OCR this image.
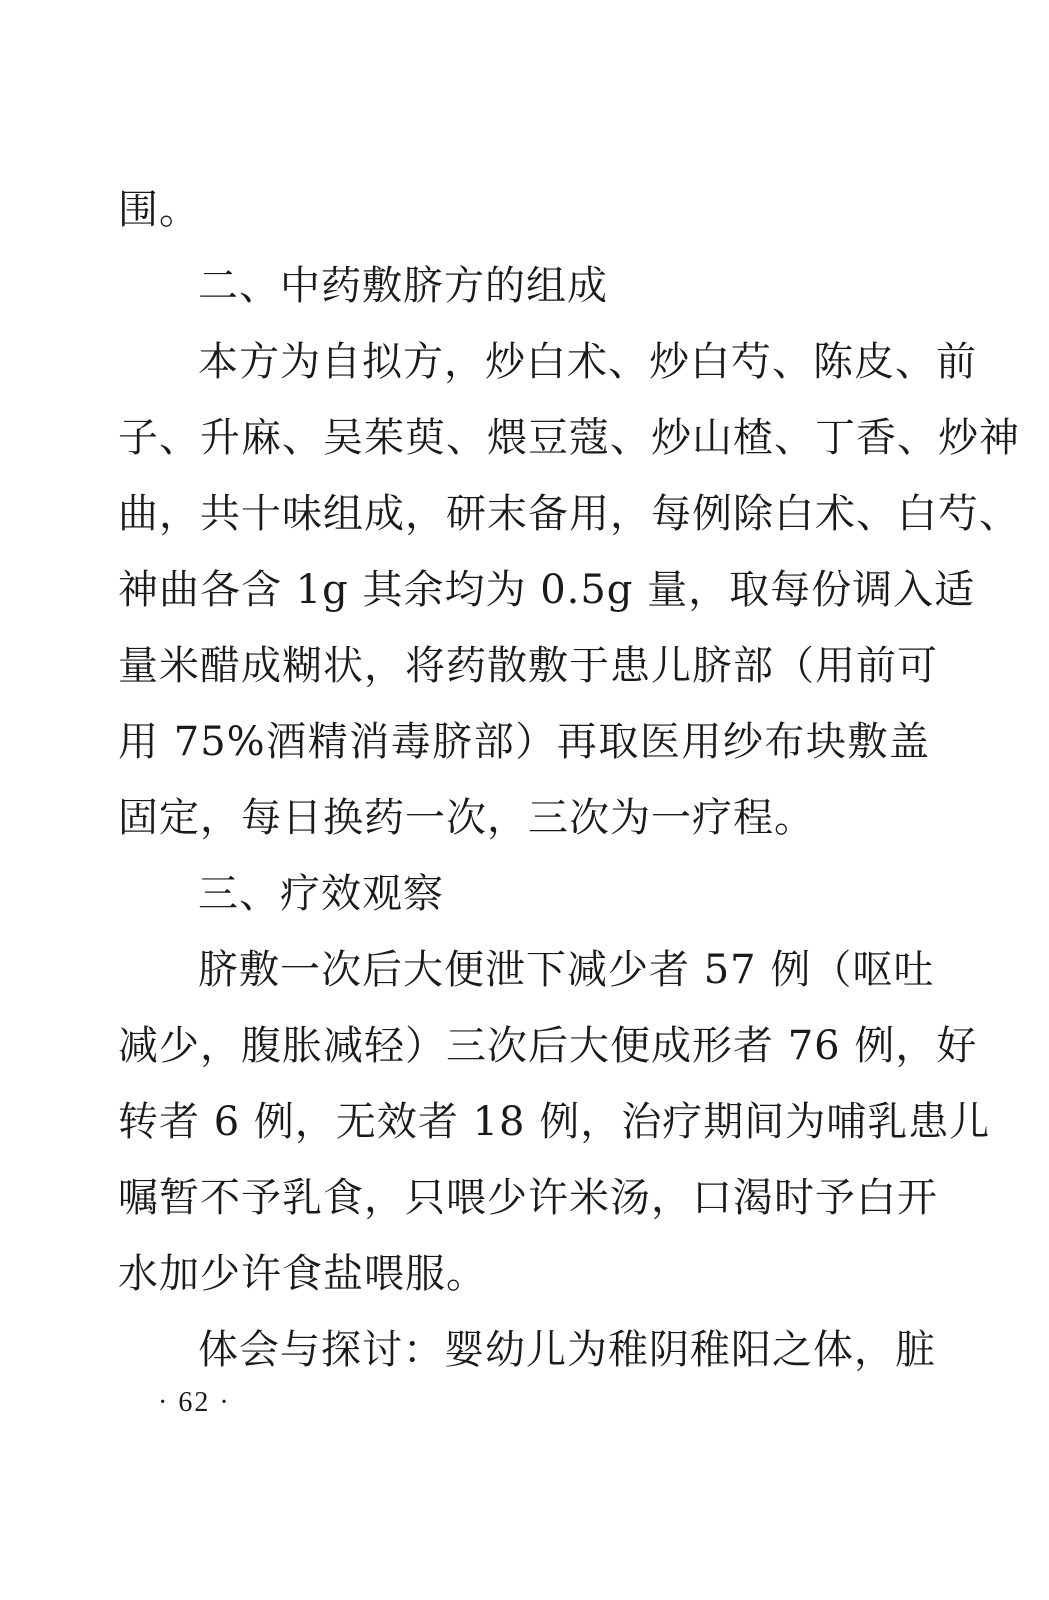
围。
二、中药敷脐方的组成
本方为自拟方，炒白术、炒白芍、陈皮、前
子、升麻、吴茱萸、煨豆蔻、炒山楂、丁香、炒神
曲，共十味组成，研末备用，每例除白术、白芍、
神曲各含 1g 其余均为 0.5g 量，取每份调入适
量米醋成糊状，将药散敷于患儿脐部（用前可
用 75%酒精消毒脐部）再取医用纱布块敷盖
固定，每日换药一次，三次为一疗程。
三、疗效观察
脐敷一次后大便泄下减少者 57 例（呕吐
减少，腹胀减轻）三次后大便成形者 76 例，好
转者 6 例，无效者 18 例，治疗期间为哺乳患儿
嘱暂不予乳食，只喂少许米汤，口渴时予白开
水加少许食盐喂服。
体会与探讨：婴幼儿为稚阴稚阳之体，脏
· 62 ·
